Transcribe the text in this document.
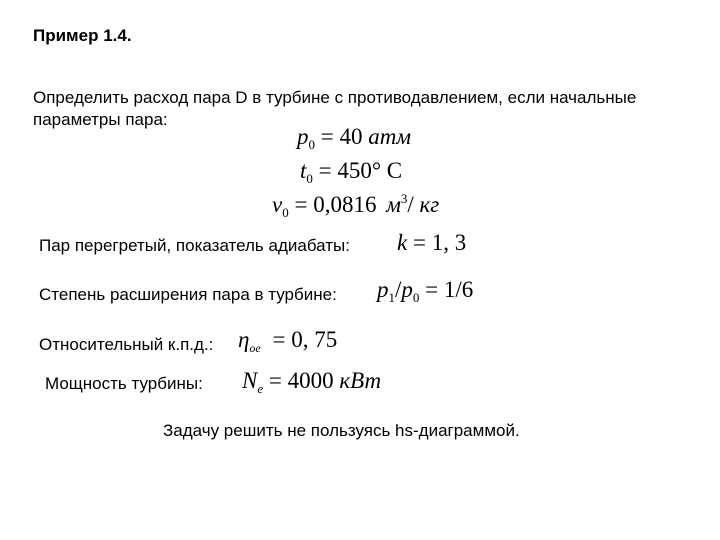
Пример 1.4.
Определить расход пара D в турбине с противодавлением, если начальные
параметры пара:
$p_0 = 40$ атм
$t_0 = 450^\circ$ C
$v_0 = 0,0816$ $м^3/$ кг
Пар перегретый, показатель адиабаты: k = 1, 3
Степень расширения пара в турбине: $p_1/p_0 = 1/6$
Относительный к.п.д.: $\eta_{oe} = 0$, 75
Мощность турбины: $N_e = 4000$ кВт
Задачу решить не пользуясь hs-диаграммой.
